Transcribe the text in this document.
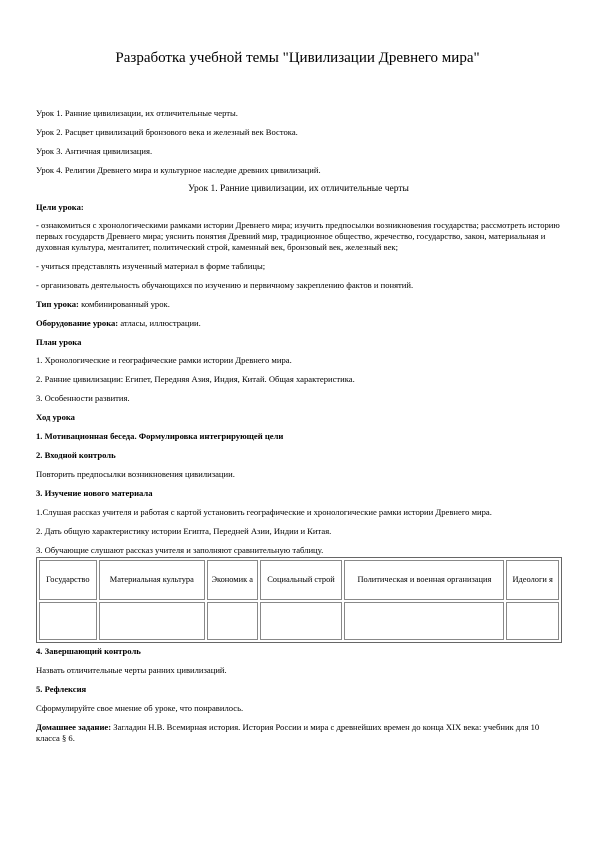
Разработка учебной темы "Цивилизации Древнего мира"

Урок 1. Ранние цивилизации, их отличительные черты.

Урок 2. Расцвет цивилизаций бронзового века и железный век Востока.

Урок 3. Античная цивилизация.

Урок 4. Религии Древнего мира и культурное наследие древних цивилизаций.

Урок 1. Ранние цивилизации, их отличительные черты

Цели урока:

- ознакомиться с хронологическими рамками истории Древнего мира; изучить предпосылки возникновения государства; рассмотреть историю первых государств Древнего мира; уяснить понятия Древний мир, традиционное общество, жречество, государство, закон, материальная и духовная культура, менталитет, политический строй, каменный век, бронзовый век, железный век;

- учиться представлять изученный материал в форме таблицы;

- организовать деятельность обучающихся по изучению и первичному закреплению фактов и понятий.

Тип урока: комбинированный урок.

Оборудование урока: атласы, иллюстрации.

План урока

1. Хронологические и географические рамки истории Древнего мира.

2. Ранние цивилизации: Египет, Передняя Азия, Индия, Китай. Общая характеристика.

3. Особенности развития.

Ход урока

1. Мотивационная беседа. Формулировка интегрирующей цели

2. Входной контроль

Повторить предпосылки возникновения цивилизации.

3. Изучение нового материала

1.Слушая рассказ учителя и работая с картой установить географические и хронологические рамки истории Древнего мира.

2. Дать общую характеристику истории Египта, Передней Азии, Индии и Китая.

3. Обучающие слушают рассказ учителя и заполняют сравнительную таблицу.

Государство	Материальная культура	Экономик а	Социальный строй	Политическая и военная организация	Идеологи я

4. Завершающий контроль

Назвать отличительные черты ранних цивилизаций.

5. Рефлексия

Сформулируйте свое мнение об уроке, что понравилось.

Домашнее задание: Загладин Н.В. Всемирная история. История России и мира с древнейших времен до конца XIX века: учебник для 10 класса § 6.
